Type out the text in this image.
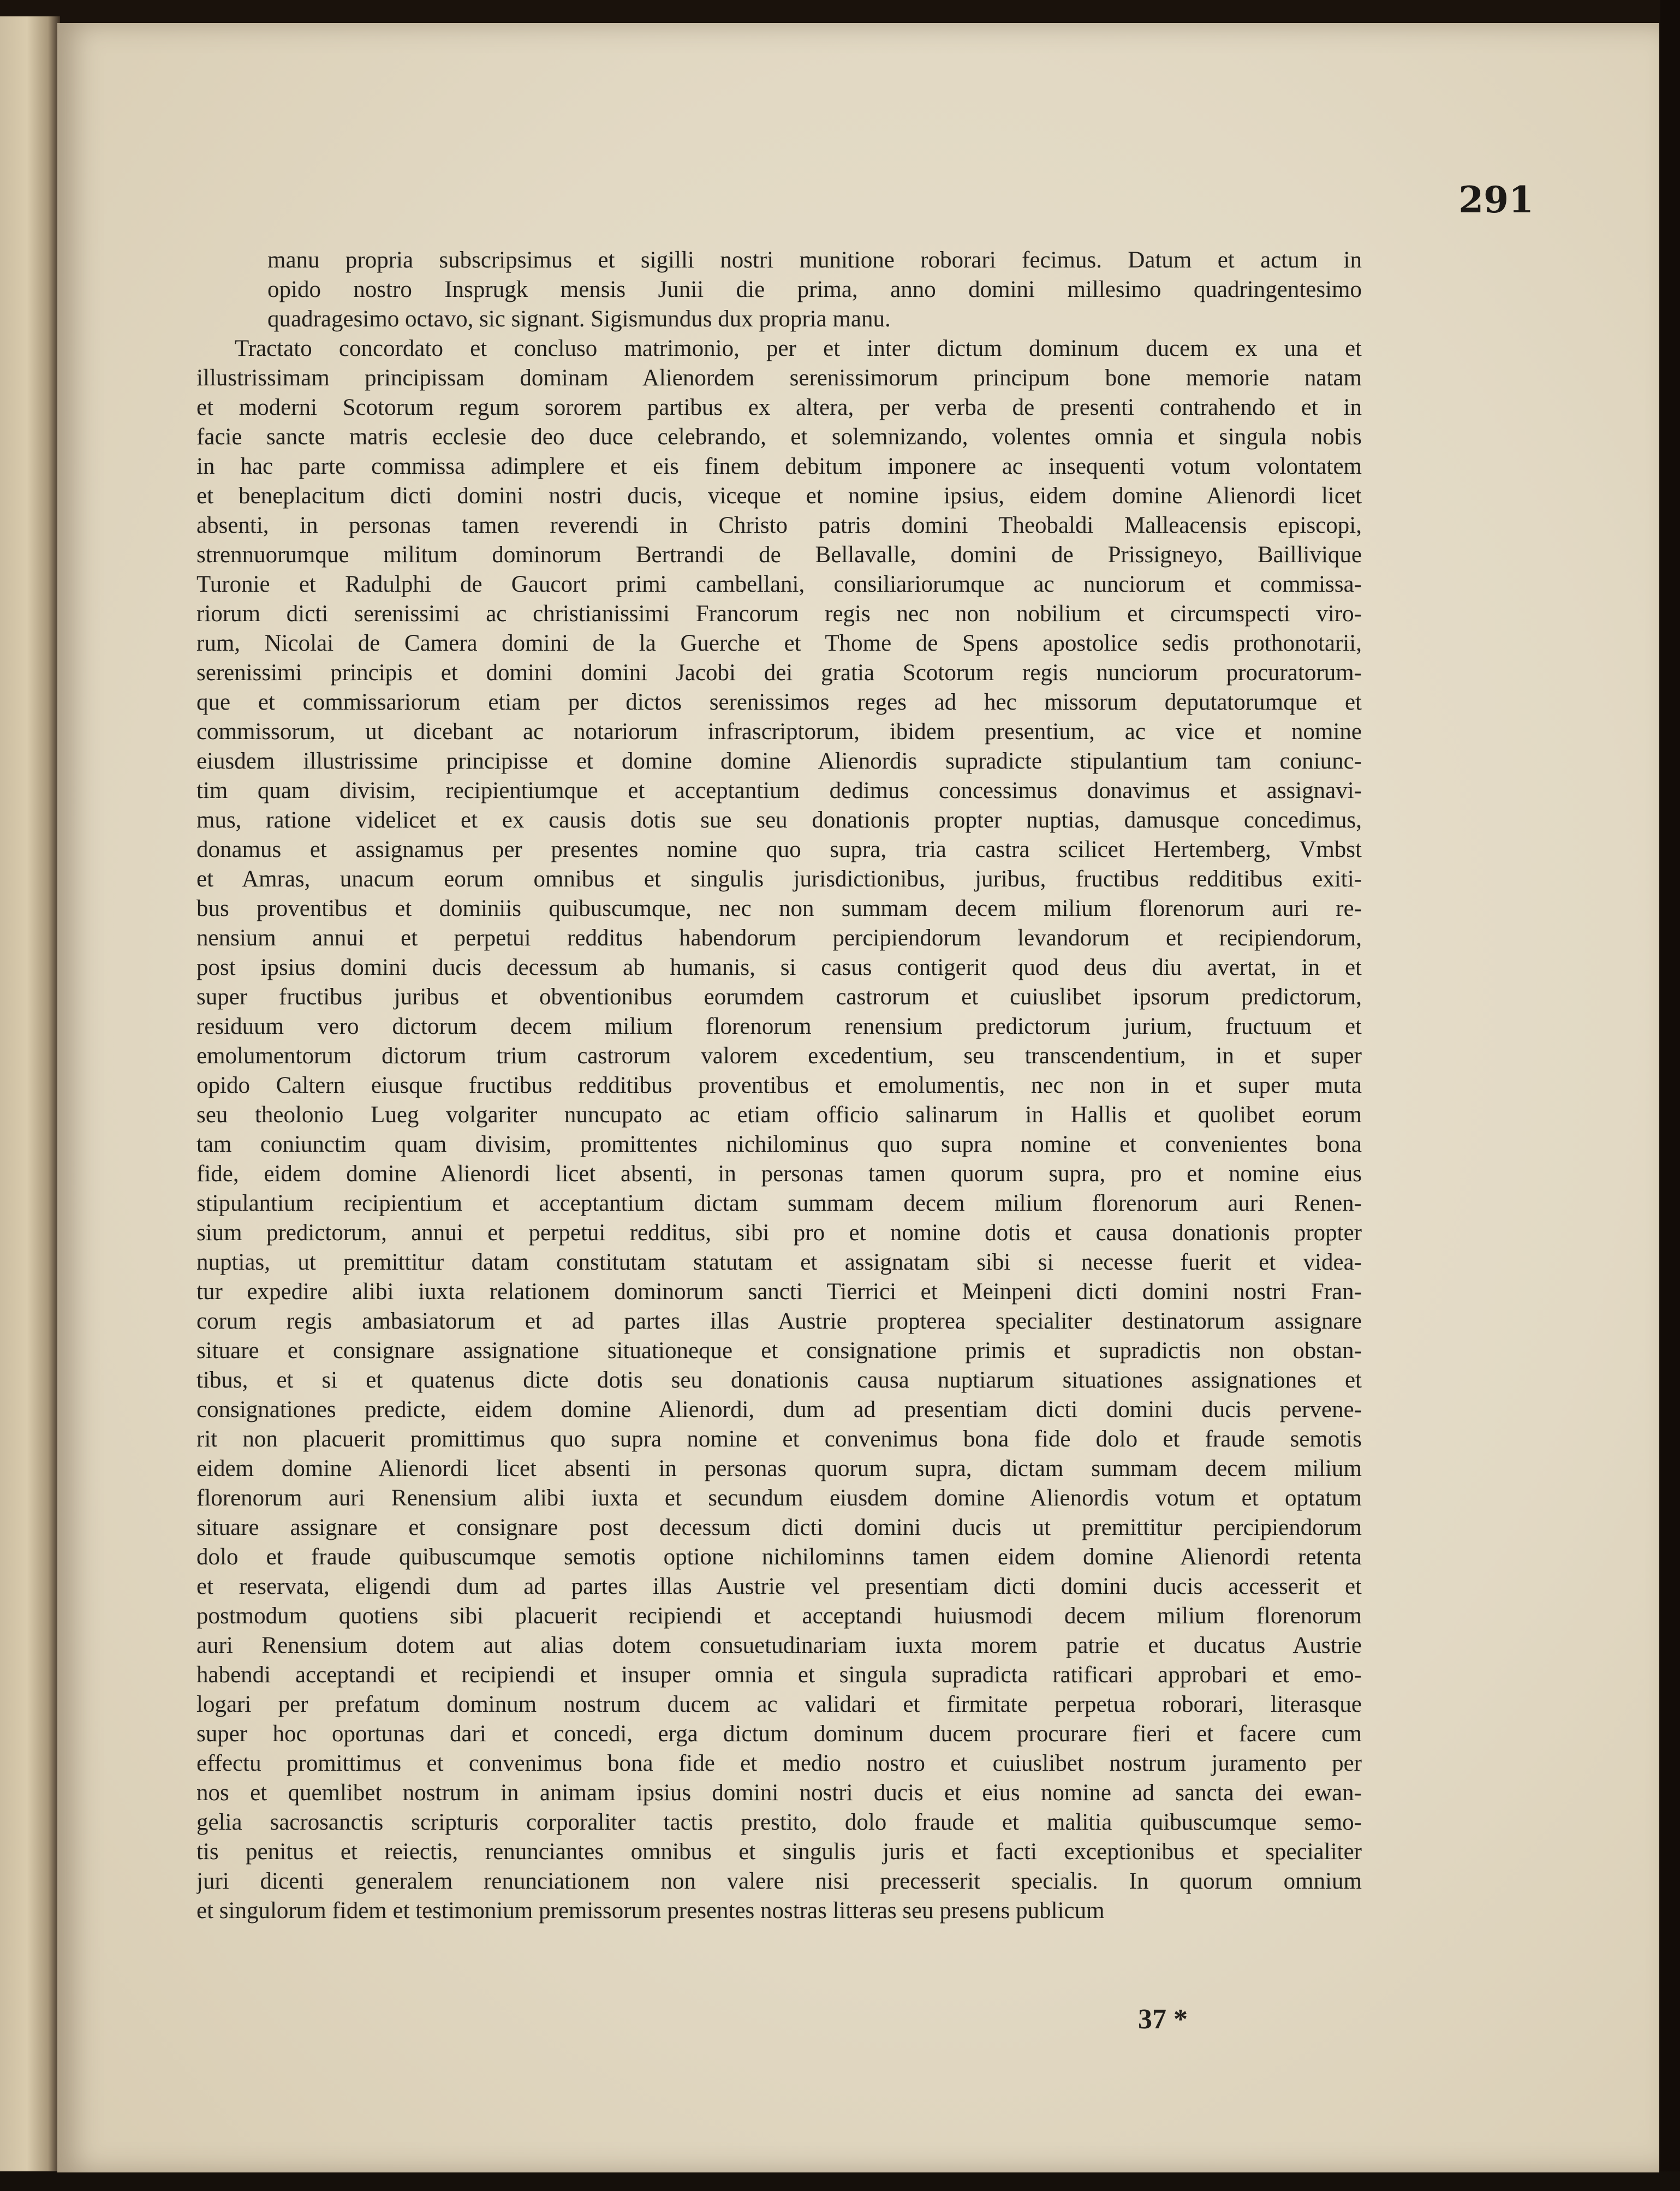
291
manu propria subscripsimus et sigilli nostri munitione roborari fecimus. Datum et actum in
opido nostro Insprugk mensis Junii die prima, anno domini millesimo quadringentesimo
quadragesimo octavo, sic signant. Sigismundus dux propria manu.
Tractato concordato et concluso matrimonio, per et inter dictum dominum ducem ex una et
illustrissimam principissam dominam Alienordem serenissimorum principum bone memorie natam
et moderni Scotorum regum sororem partibus ex altera, per verba de presenti contrahendo et in
facie sancte matris ecclesie deo duce celebrando, et solemnizando, volentes omnia et singula nobis
in hac parte commissa adimplere et eis finem debitum imponere ac insequenti votum volontatem
et beneplacitum dicti domini nostri ducis, viceque et nomine ipsius, eidem domine Alienordi licet
absenti, in personas tamen reverendi in Christo patris domini Theobaldi Malleacensis episcopi,
strennuorumque militum dominorum Bertrandi de Bellavalle, domini de Prissigneyo, Baillivique
Turonie et Radulphi de Gaucort primi cambellani, consiliariorumque ac nunciorum et commissa-
riorum dicti serenissimi ac christianissimi Francorum regis nec non nobilium et circumspecti viro-
rum, Nicolai de Camera domini de la Guerche et Thome de Spens apostolice sedis prothonotarii,
serenissimi principis et domini domini Jacobi dei gratia Scotorum regis nunciorum procuratorum-
que et commissariorum etiam per dictos serenissimos reges ad hec missorum deputatorumque et
commissorum, ut dicebant ac notariorum infrascriptorum, ibidem presentium, ac vice et nomine
eiusdem illustrissime principisse et domine domine Alienordis supradicte stipulantium tam coniunc-
tim quam divisim, recipientiumque et acceptantium dedimus concessimus donavimus et assignavi-
mus, ratione videlicet et ex causis dotis sue seu donationis propter nuptias, damusque concedimus,
donamus et assignamus per presentes nomine quo supra, tria castra scilicet Hertemberg, Vmbst
et Amras, unacum eorum omnibus et singulis jurisdictionibus, juribus, fructibus redditibus exiti-
bus proventibus et dominiis quibuscumque, nec non summam decem milium florenorum auri re-
nensium annui et perpetui redditus habendorum percipiendorum levandorum et recipiendorum,
post ipsius domini ducis decessum ab humanis, si casus contigerit quod deus diu avertat, in et
super fructibus juribus et obventionibus eorumdem castrorum et cuiuslibet ipsorum predictorum,
residuum vero dictorum decem milium florenorum renensium predictorum jurium, fructuum et
emolumentorum dictorum trium castrorum valorem excedentium, seu transcendentium, in et super
opido Caltern eiusque fructibus redditibus proventibus et emolumentis, nec non in et super muta
seu theolonio Lueg volgariter nuncupato ac etiam officio salinarum in Hallis et quolibet eorum
tam coniunctim quam divisim, promittentes nichilominus quo supra nomine et convenientes bona
fide, eidem domine Alienordi licet absenti, in personas tamen quorum supra, pro et nomine eius
stipulantium recipientium et acceptantium dictam summam decem milium florenorum auri Renen-
sium predictorum, annui et perpetui redditus, sibi pro et nomine dotis et causa donationis propter
nuptias, ut premittitur datam constitutam statutam et assignatam sibi si necesse fuerit et videa-
tur expedire alibi iuxta relationem dominorum sancti Tierrici et Meinpeni dicti domini nostri Fran-
corum regis ambasiatorum et ad partes illas Austrie propterea specialiter destinatorum assignare
situare et consignare assignatione situationeque et consignatione primis et supradictis non obstan-
tibus, et si et quatenus dicte dotis seu donationis causa nuptiarum situationes assignationes et
consignationes predicte, eidem domine Alienordi, dum ad presentiam dicti domini ducis pervene-
rit non placuerit promittimus quo supra nomine et convenimus bona fide dolo et fraude semotis
eidem domine Alienordi licet absenti in personas quorum supra, dictam summam decem milium
florenorum auri Renensium alibi iuxta et secundum eiusdem domine Alienordis votum et optatum
situare assignare et consignare post decessum dicti domini ducis ut premittitur percipiendorum
dolo et fraude quibuscumque semotis optione nichilominns tamen eidem domine Alienordi retenta
et reservata, eligendi dum ad partes illas Austrie vel presentiam dicti domini ducis accesserit et
postmodum quotiens sibi placuerit recipiendi et acceptandi huiusmodi decem milium florenorum
auri Renensium dotem aut alias dotem consuetudinariam iuxta morem patrie et ducatus Austrie
habendi acceptandi et recipiendi et insuper omnia et singula supradicta ratificari approbari et emo-
logari per prefatum dominum nostrum ducem ac validari et firmitate perpetua roborari, literasque
super hoc oportunas dari et concedi, erga dictum dominum ducem procurare fieri et facere cum
effectu promittimus et convenimus bona fide et medio nostro et cuiuslibet nostrum juramento per
nos et quemlibet nostrum in animam ipsius domini nostri ducis et eius nomine ad sancta dei ewan-
gelia sacrosanctis scripturis corporaliter tactis prestito, dolo fraude et malitia quibuscumque semo-
tis penitus et reiectis, renunciantes omnibus et singulis juris et facti exceptionibus et specialiter
juri dicenti generalem renunciationem non valere nisi precesserit specialis. In quorum omnium
et singulorum fidem et testimonium premissorum presentes nostras litteras seu presens publicum
37 *
